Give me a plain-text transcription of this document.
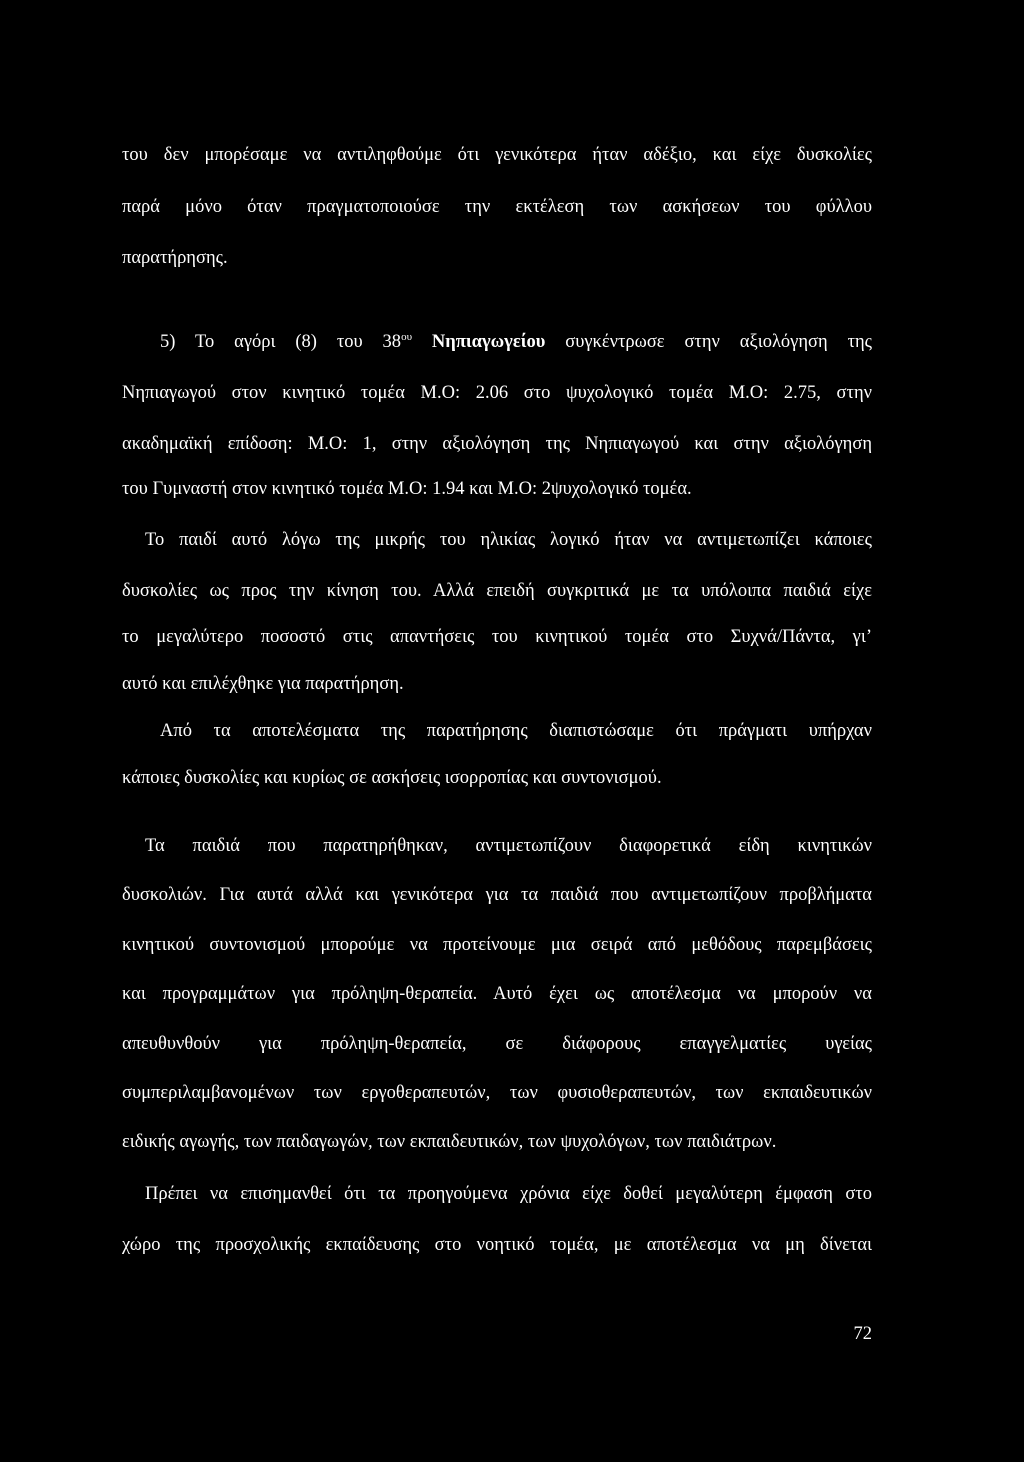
του δεν μπορέσαμε να αντιληφθούμε ότι γενικότερα ήταν αδέξιο, και είχε δυσκολίες
παρά μόνο όταν πραγματοποιούσε την εκτέλεση των ασκήσεων του φύλλου
παρατήρησης.
5) Το αγόρι (8) του $38^{o\upsilon}$ Νηπιαγωγείου συγκέντρωσε στην αξιολόγηση της
Νηπιαγωγού στον κινητικό τομέα Μ.Ο: 2.06 στο ψυχολογικό τομέα Μ.Ο: 2.75, στην
ακαδημαϊκή επίδοση: Μ.Ο: 1, στην αξιολόγηση της Νηπιαγωγού και στην αξιολόγηση
του Γυμναστή στον κινητικό τομέα Μ.Ο: 1.94 και Μ.Ο: 2ψυχολογικό τομέα.
Το παιδί αυτό λόγω της μικρής του ηλικίας λογικό ήταν να αντιμετωπίζει κάποιες
δυσκολίες ως προς την κίνηση του. Αλλά επειδή συγκριτικά με τα υπόλοιπα παιδιά είχε
το μεγαλύτερο ποσοστό στις απαντήσεις του κινητικού τομέα στο Συχνά/Πάντα, γι’
αυτό και επιλέχθηκε για παρατήρηση.
Από τα αποτελέσματα της παρατήρησης διαπιστώσαμε ότι πράγματι υπήρχαν
κάποιες δυσκολίες και κυρίως σε ασκήσεις ισορροπίας και συντονισμού.
Τα παιδιά που παρατηρήθηκαν, αντιμετωπίζουν διαφορετικά είδη κινητικών
δυσκολιών. Για αυτά αλλά και γενικότερα για τα παιδιά που αντιμετωπίζουν προβλήματα
κινητικού συντονισμού μπορούμε να προτείνουμε μια σειρά από μεθόδους παρεμβάσεις
και προγραμμάτων για πρόληψη-θεραπεία. Αυτό έχει ως αποτέλεσμα να μπορούν να
απευθυνθούν για πρόληψη-θεραπεία, σε διάφορους επαγγελματίες υγείας
συμπεριλαμβανομένων των εργοθεραπευτών, των φυσιοθεραπευτών, των εκπαιδευτικών
ειδικής αγωγής, των παιδαγωγών, των εκπαιδευτικών, των ψυχολόγων, των παιδιάτρων.
Πρέπει να επισημανθεί ότι τα προηγούμενα χρόνια είχε δοθεί μεγαλύτερη έμφαση στο
χώρο της προσχολικής εκπαίδευσης στο νοητικό τομέα, με αποτέλεσμα να μη δίνεται
72
